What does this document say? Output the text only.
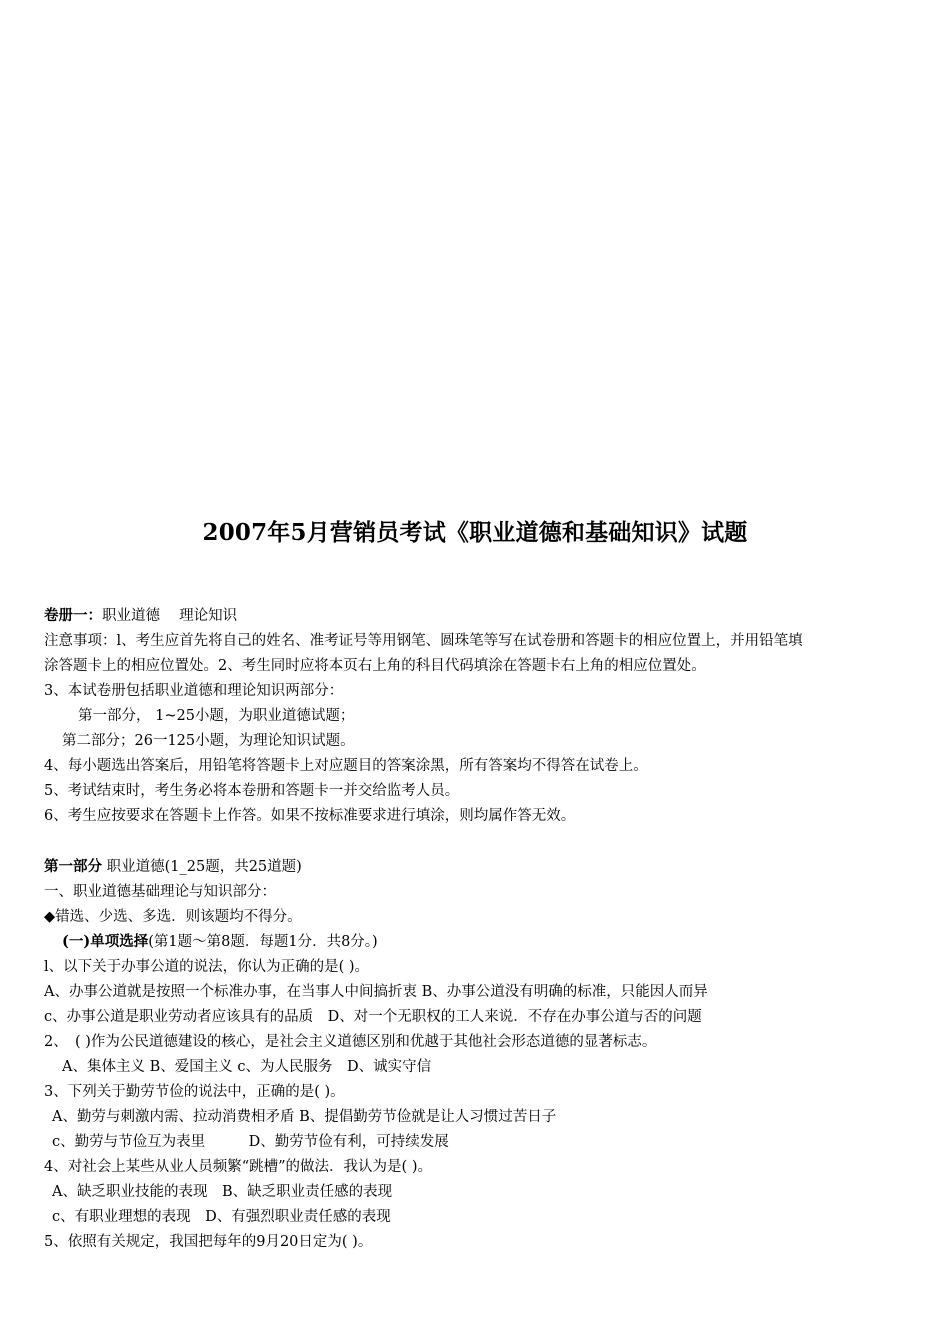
2007年5月营销员考试《职业道德和基础知识》试题
卷册一：职业道德　 理论知识
注意事项：l、考生应首先将自己的姓名、准考证号等用钢笔、圆珠笔等写在试卷册和答题卡的相应位置上，并用铅笔填
涂答题卡上的相应位置处。2、考生同时应将本页右上角的科目代码填涂在答题卡右上角的相应位置处。
3、本试卷册包括职业道德和理论知识两部分：
第一部分， 1~25小题，为职业道德试题；
第二部分；26一125小题，为理论知识试题。
4、每小题选出答案后，用铅笔将答题卡上对应题目的答案涂黑，所有答案均不得答在试卷上。
5、考试结束时，考生务必将本卷册和答题卡一并交给监考人员。
6、考生应按要求在答题卡上作答。如果不按标准要求进行填涂，则均属作答无效。
第一部分 职业道德(1_25题，共25道题)
一、职业道德基础理论与知识部分：
◆错选、少选、多选．则该题均不得分。
(一)单项选择(第1题～第8题．每题1分．共8分。)
l、以下关于办事公道的说法，你认为正确的是( )。
A、办事公道就是按照一个标准办事，在当事人中间搞折衷 B、办事公道没有明确的标准，只能因人而异
c、办事公道是职业劳动者应该具有的品质　D、对一个无职权的工人来说．不存在办事公道与否的问题
2、　( )作为公民道德建设的核心，是社会主义道德区别和优越于其他社会形态道德的显著标志。
A、集体主义 B、爱国主义 c、为人民服务　D、诚实守信
3、下列关于勤劳节俭的说法中，正确的是( )。
A、勤劳与刺激内需、拉动消费相矛盾 B、提倡勤劳节俭就是让人习惯过苦日子
c、勤劳与节俭互为表里　　　D、勤劳节俭有利，可持续发展
4、对社会上某些从业人员频繁“跳槽”的做法．我认为是( )。
A、缺乏职业技能的表现　B、缺乏职业责任感的表现
c、有职业理想的表现　D、有强烈职业责任感的表现
5、依照有关规定，我国把每年的9月20日定为( )。
